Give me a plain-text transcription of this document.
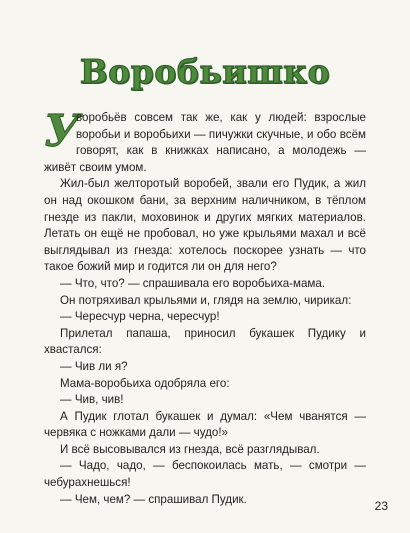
Воробьишко

У
воробьёв совсем так же, как у людей: взрослые воробьи и воробьихи — пичужки скучные, и обо всём говорят, как в книжках написано, а молодежь — живёт своим умом.

Жил-был желторотый воробей, звали его Пудик, а жил он над окошком бани, за верхним наличником, в тёплом гнезде из пакли, моховинок и других мягких материалов. Летать он ещё не пробовал, но уже крыльями махал и всё выглядывал из гнезда: хотелось поскорее узнать — что такое божий мир и годится ли он для него?

— Что, что? — спрашивала его воробьиха-мама.

Он потряхивал крыльями и, глядя на землю, чирикал:

— Чересчур черна, чересчур!

Прилетал папаша, приносил букашек Пудику и хвастался:

— Чив ли я?

Мама-воробьиха одобряла его:

— Чив, чив!

А Пудик глотал букашек и думал: «Чем чванятся — червяка с ножками дали — чудо!»

И всё высовывался из гнезда, всё разглядывал.

— Чадо, чадо, — беспокоилась мать, — смотри — чебурахнешься!

— Чем, чем? — спрашивал Пудик.	23
